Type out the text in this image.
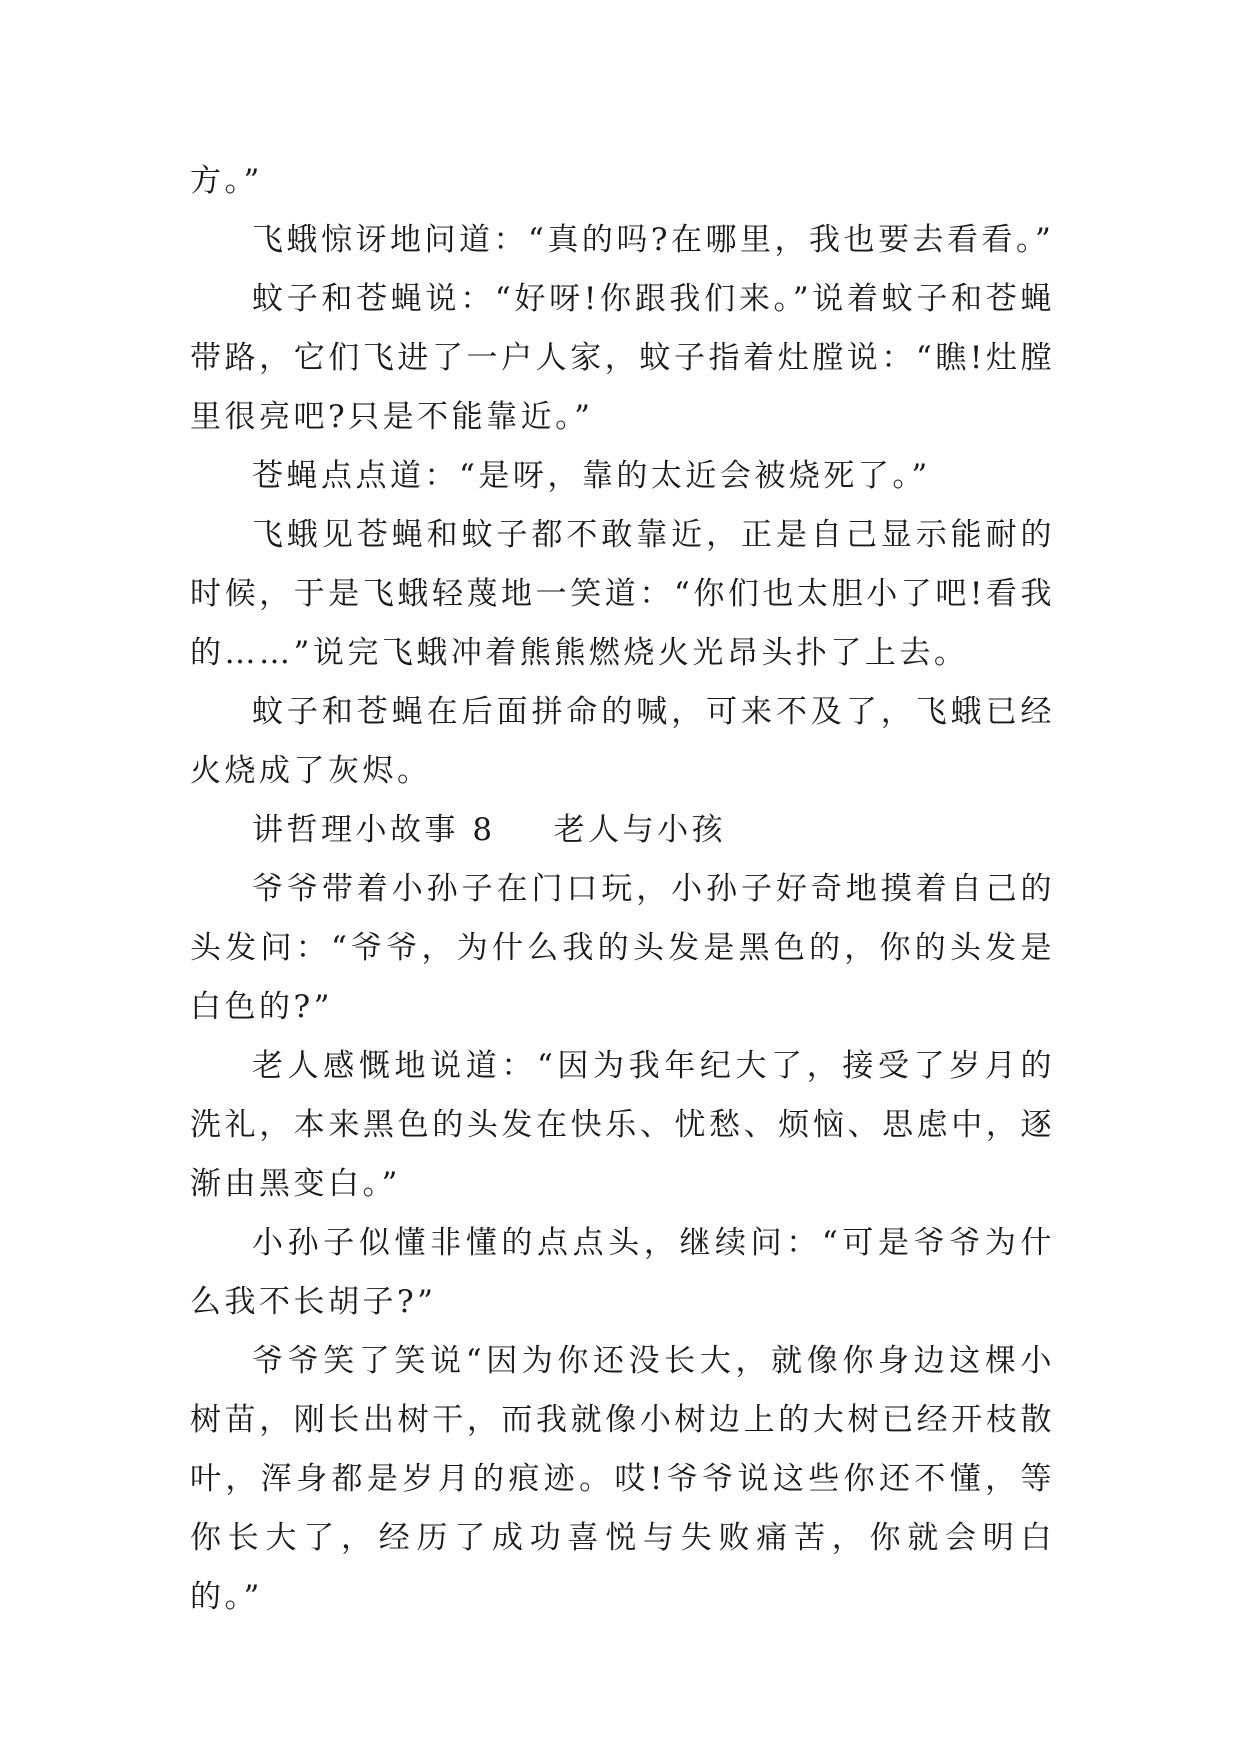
方。”

飞蛾惊讶地问道：“真的吗?在哪里，我也要去看看。”

蚊子和苍蝇说：“好呀!你跟我们来。”说着蚊子和苍蝇带路，它们飞进了一户人家，蚊子指着灶膛说：“瞧!灶膛里很亮吧?只是不能靠近。”

苍蝇点点道：“是呀，靠的太近会被烧死了。”

飞蛾见苍蝇和蚊子都不敢靠近，正是自己显示能耐的时候，于是飞蛾轻蔑地一笑道：“你们也太胆小了吧!看我的……”说完飞蛾冲着熊熊燃烧火光昂头扑了上去。

蚊子和苍蝇在后面拼命的喊，可来不及了，飞蛾已经火烧成了灰烬。

讲哲理小故事 8 老人与小孩

爷爷带着小孙子在门口玩，小孙子好奇地摸着自己的头发问：“爷爷，为什么我的头发是黑色的，你的头发是白色的?”

老人感慨地说道：“因为我年纪大了，接受了岁月的洗礼，本来黑色的头发在快乐、忧愁、烦恼、思虑中，逐渐由黑变白。”

小孙子似懂非懂的点点头，继续问：“可是爷爷为什么我不长胡子?”

爷爷笑了笑说“因为你还没长大，就像你身边这棵小树苗，刚长出树干，而我就像小树边上的大树已经开枝散叶，浑身都是岁月的痕迹。哎!爷爷说这些你还不懂，等你长大了，经历了成功喜悦与失败痛苦，你就会明白的。”
